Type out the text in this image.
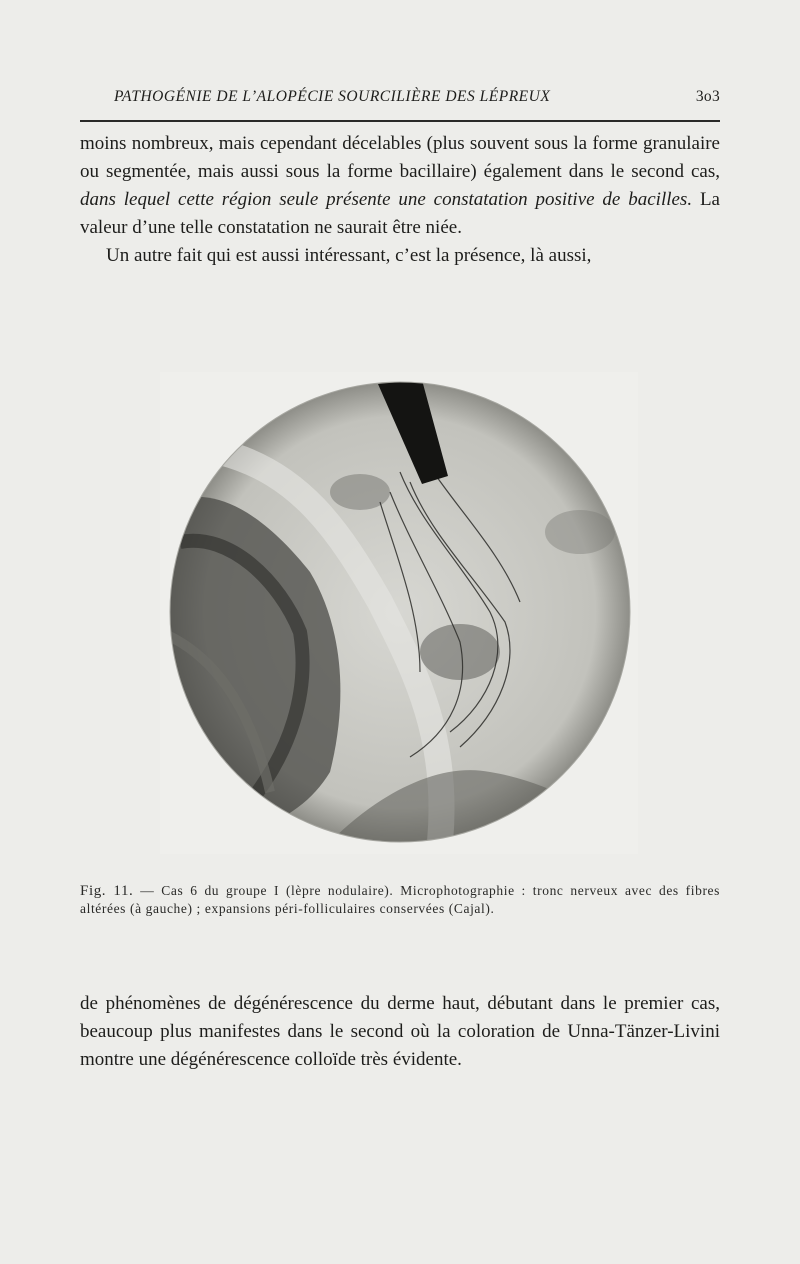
PATHOGÉNIE DE L’ALOPÉCIE SOURCILIÈRE DES LÉPREUX	3o3

moins nombreux, mais cependant décelables (plus souvent sous la forme granulaire ou segmentée, mais aussi sous la forme bacillaire) également dans le second cas, dans lequel cette région seule présente une constatation positive de bacilles. La valeur d’une telle constatation ne saurait être niée.

Un autre fait qui est aussi intéressant, c’est la présence, là aussi,

Fig. 11. — Cas 6 du groupe I (lèpre nodulaire). Microphotographie : tronc nerveux avec des fibres altérées (à gauche) ; expansions péri-folliculaires conservées (Cajal).

de phénomènes de dégénérescence du derme haut, débutant dans le premier cas, beaucoup plus manifestes dans le second où la coloration de Unna-Tänzer-Livini montre une dégénérescence colloïde très évidente.
